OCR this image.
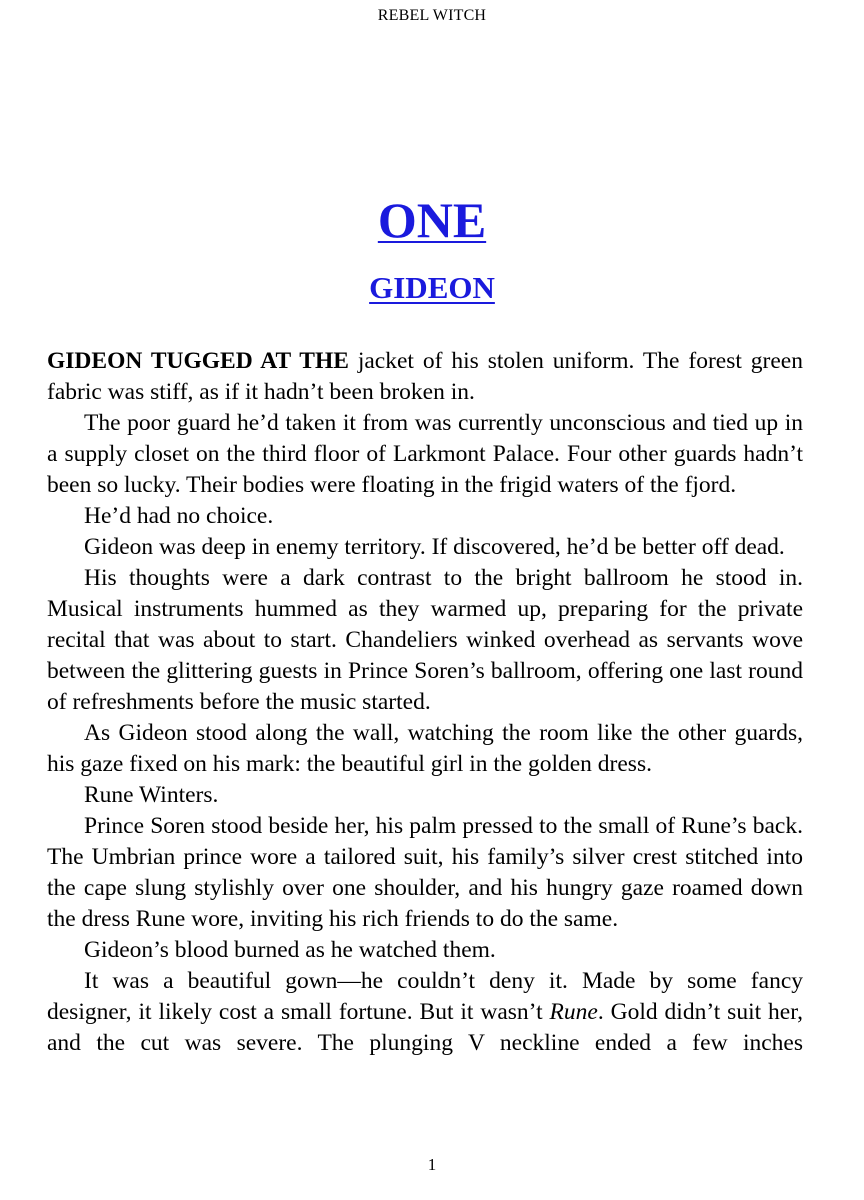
REBEL WITCH
ONE
GIDEON

GIDEON TUGGED AT THE jacket of his stolen uniform. The forest green fabric was stiff, as if it hadn’t been broken in.

The poor guard he’d taken it from was currently unconscious and tied up in a supply closet on the third floor of Larkmont Palace. Four other guards hadn’t been so lucky. Their bodies were floating in the frigid waters of the fjord.

He’d had no choice.

Gideon was deep in enemy territory. If discovered, he’d be better off dead.

His thoughts were a dark contrast to the bright ballroom he stood in. Musical instruments hummed as they warmed up, preparing for the private recital that was about to start. Chandeliers winked overhead as servants wove between the glittering guests in Prince Soren’s ballroom, offering one last round of refreshments before the music started.

As Gideon stood along the wall, watching the room like the other guards, his gaze fixed on his mark: the beautiful girl in the golden dress.

Rune Winters.

Prince Soren stood beside her, his palm pressed to the small of Rune’s back. The Umbrian prince wore a tailored suit, his family’s silver crest stitched into the cape slung stylishly over one shoulder, and his hungry gaze roamed down the dress Rune wore, inviting his rich friends to do the same.

Gideon’s blood burned as he watched them.

It was a beautiful gown—he couldn’t deny it. Made by some fancy designer, it likely cost a small fortune. But it wasn’t Rune. Gold didn’t suit her, and the cut was severe. The plunging V neckline ended a few inches

1
